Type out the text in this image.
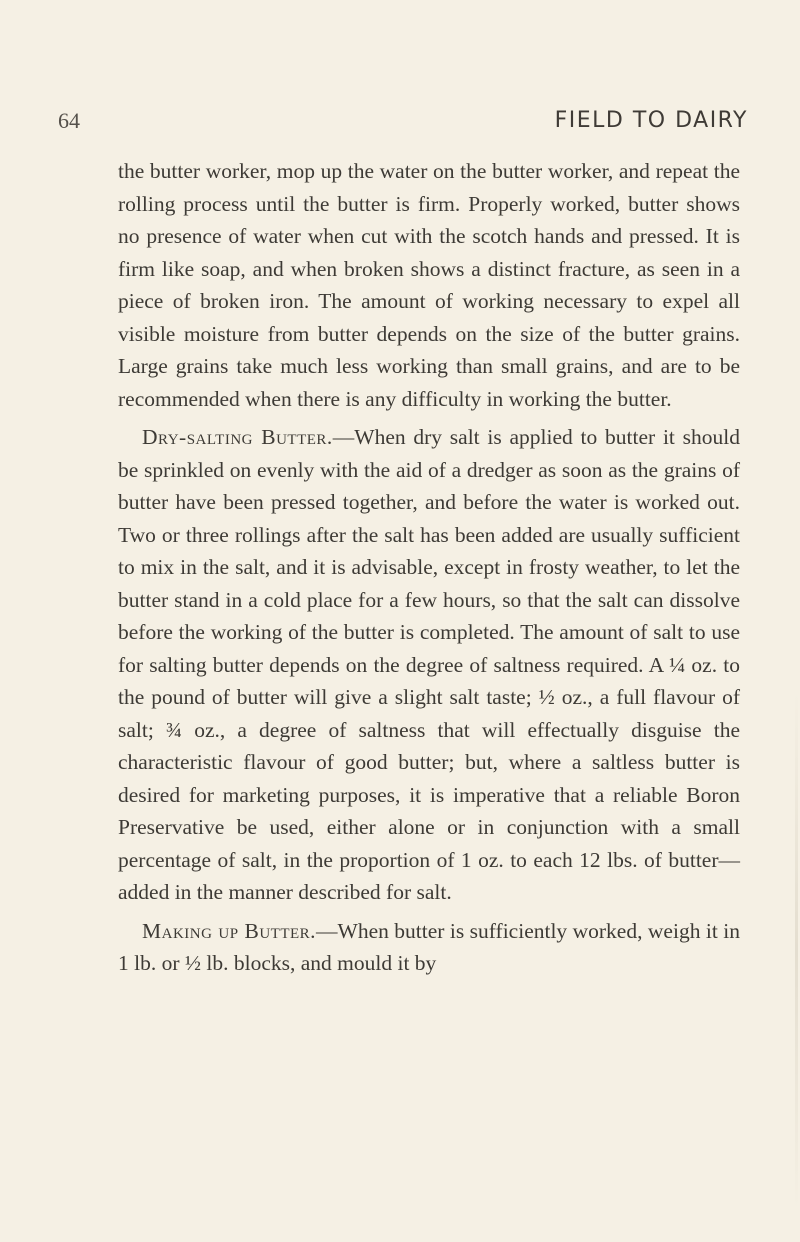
64	FIELD TO DAIRY

the butter worker, mop up the water on the butter worker, and repeat the rolling process until the butter is firm. Properly worked, butter shows no presence of water when cut with the scotch hands and pressed. It is firm like soap, and when broken shows a distinct fracture, as seen in a piece of broken iron. The amount of working necessary to expel all visible moisture from butter depends on the size of the butter grains. Large grains take much less working than small grains, and are to be recommended when there is any difficulty in working the butter.

Dry-salting Butter.—When dry salt is applied to butter it should be sprinkled on evenly with the aid of a dredger as soon as the grains of butter have been pressed together, and before the water is worked out. Two or three rollings after the salt has been added are usually sufficient to mix in the salt, and it is advisable, except in frosty weather, to let the butter stand in a cold place for a few hours, so that the salt can dissolve before the working of the butter is completed. The amount of salt to use for salting butter depends on the degree of saltness required. A ¼ oz. to the pound of butter will give a slight salt taste; ½ oz., a full flavour of salt; ¾ oz., a degree of saltness that will effectually disguise the characteristic flavour of good butter; but, where a saltless butter is desired for marketing purposes, it is imperative that a reliable Boron Preservative be used, either alone or in conjunction with a small percentage of salt, in the proportion of 1 oz. to each 12 lbs. of butter—added in the manner described for salt.

Making up Butter.—When butter is sufficiently worked, weigh it in 1 lb. or ½ lb. blocks, and mould it by
